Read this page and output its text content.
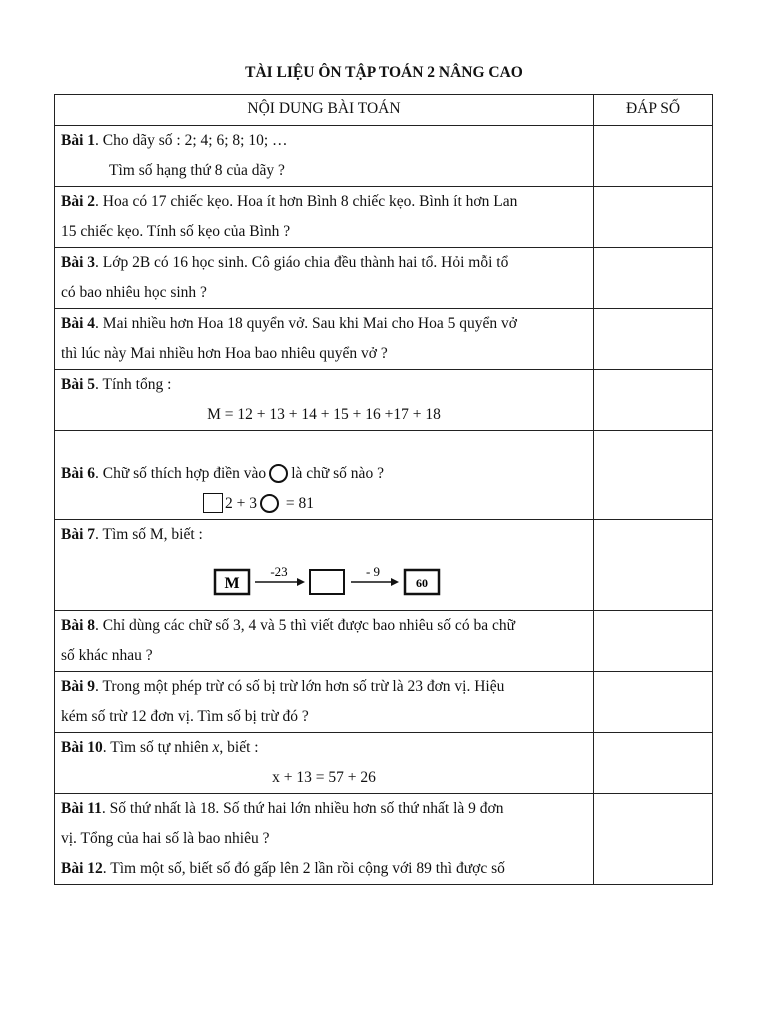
TÀI LIỆU ÔN TẬP TOÁN 2 NÂNG CAO
NỘI DUNG BÀI TOÁN	ĐÁP SỐ

Bài 1. Cho dãy số : 2; 4; 6; 8; 10; …
Tìm số hạng thứ 8 của dãy ?	

Bài 2. Hoa có 17 chiếc kẹo. Hoa ít hơn Bình 8 chiếc kẹo. Bình ít hơn Lan
15 chiếc kẹo. Tính số kẹo của Bình ?	

Bài 3. Lớp 2B có 16 học sinh. Cô giáo chia đều thành hai tổ. Hỏi mỗi tổ
có bao nhiêu học sinh ?	

Bài 4. Mai nhiều hơn Hoa 18 quyển vở. Sau khi Mai cho Hoa 5 quyển vở
thì lúc này Mai nhiều hơn Hoa bao nhiêu quyển vở ?	

Bài 5. Tính tổng :
M = 12 + 13 + 14 + 15 + 16 +17 + 18	

Bài 6. Chữ số thích hợp điền vào là chữ số nào ?
2 + 3 = 81	

Bài 7. Tìm số M, biết :
M
-23 - 9
60	

Bài 8. Chỉ dùng các chữ số 3, 4 và 5 thì viết được bao nhiêu số có ba chữ
số khác nhau ?	

Bài 9. Trong một phép trừ có số bị trừ lớn hơn số trừ là 23 đơn vị. Hiệu
kém số trừ 12 đơn vị. Tìm số bị trừ đó ?	

Bài 10. Tìm số tự nhiên x, biết :
x + 13 = 57 + 26	

Bài 11. Số thứ nhất là 18. Số thứ hai lớn nhiều hơn số thứ nhất là 9 đơn
vị. Tổng của hai số là bao nhiêu ?
Bài 12. Tìm một số, biết số đó gấp lên 2 lần rồi cộng với 89 thì được số	
